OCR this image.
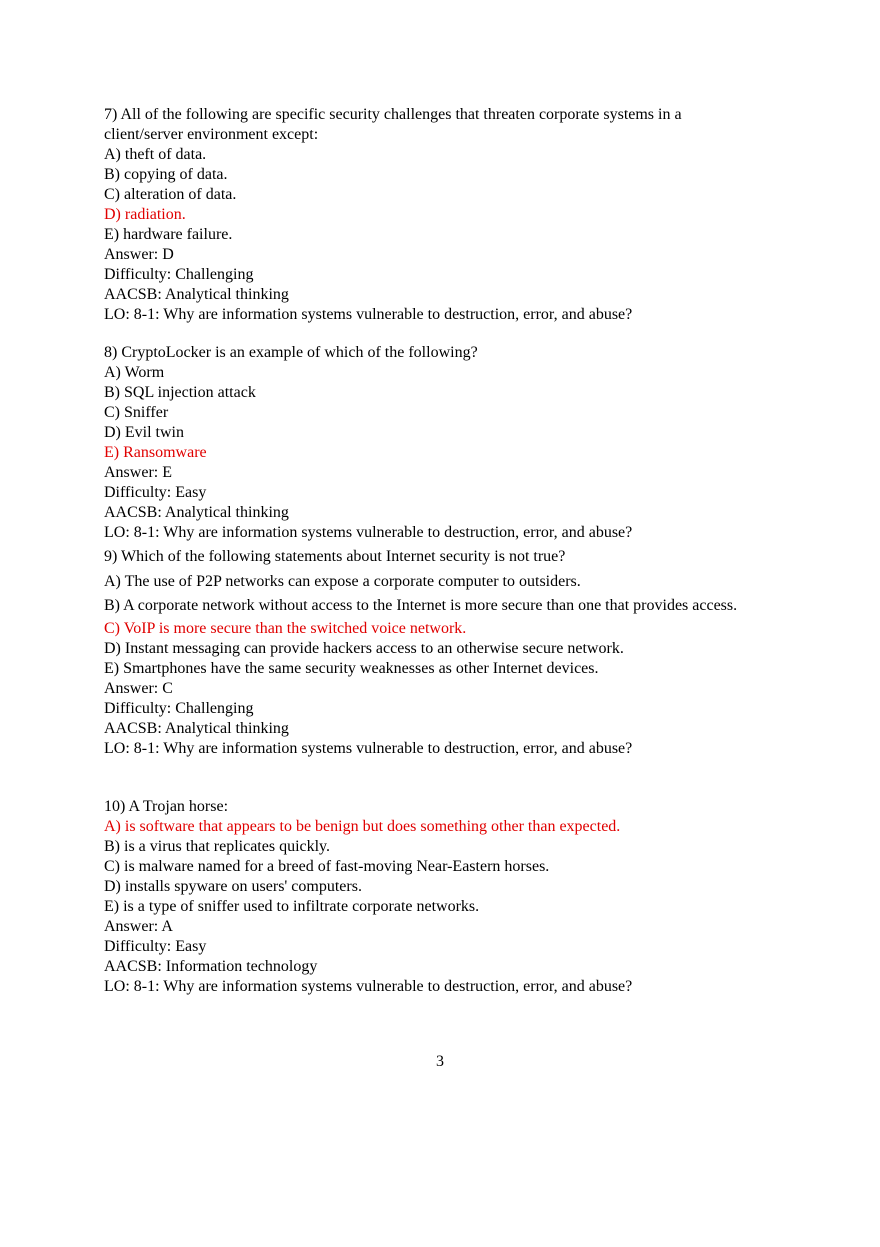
7) All of the following are specific security challenges that threaten corporate systems in a
client/server environment except:
A) theft of data.
B) copying of data.
C) alteration of data.
D) radiation.
E) hardware failure.
Answer: D
Difficulty: Challenging
AACSB: Analytical thinking
LO: 8-1: Why are information systems vulnerable to destruction, error, and abuse?
8) CryptoLocker is an example of which of the following?
A) Worm
B) SQL injection attack
C) Sniffer
D) Evil twin
E) Ransomware
Answer: E
Difficulty: Easy
AACSB: Analytical thinking
LO: 8-1: Why are information systems vulnerable to destruction, error, and abuse?
9) Which of the following statements about Internet security is not true?
A) The use of P2P networks can expose a corporate computer to outsiders.
B) A corporate network without access to the Internet is more secure than one that provides access.
C) VoIP is more secure than the switched voice network.
D) Instant messaging can provide hackers access to an otherwise secure network.
E) Smartphones have the same security weaknesses as other Internet devices.
Answer: C
Difficulty: Challenging
AACSB: Analytical thinking
LO: 8-1: Why are information systems vulnerable to destruction, error, and abuse?
10) A Trojan horse:
A) is software that appears to be benign but does something other than expected.
B) is a virus that replicates quickly.
C) is malware named for a breed of fast-moving Near-Eastern horses.
D) installs spyware on users' computers.
E) is a type of sniffer used to infiltrate corporate networks.
Answer: A
Difficulty: Easy
AACSB: Information technology
LO: 8-1: Why are information systems vulnerable to destruction, error, and abuse?
3
